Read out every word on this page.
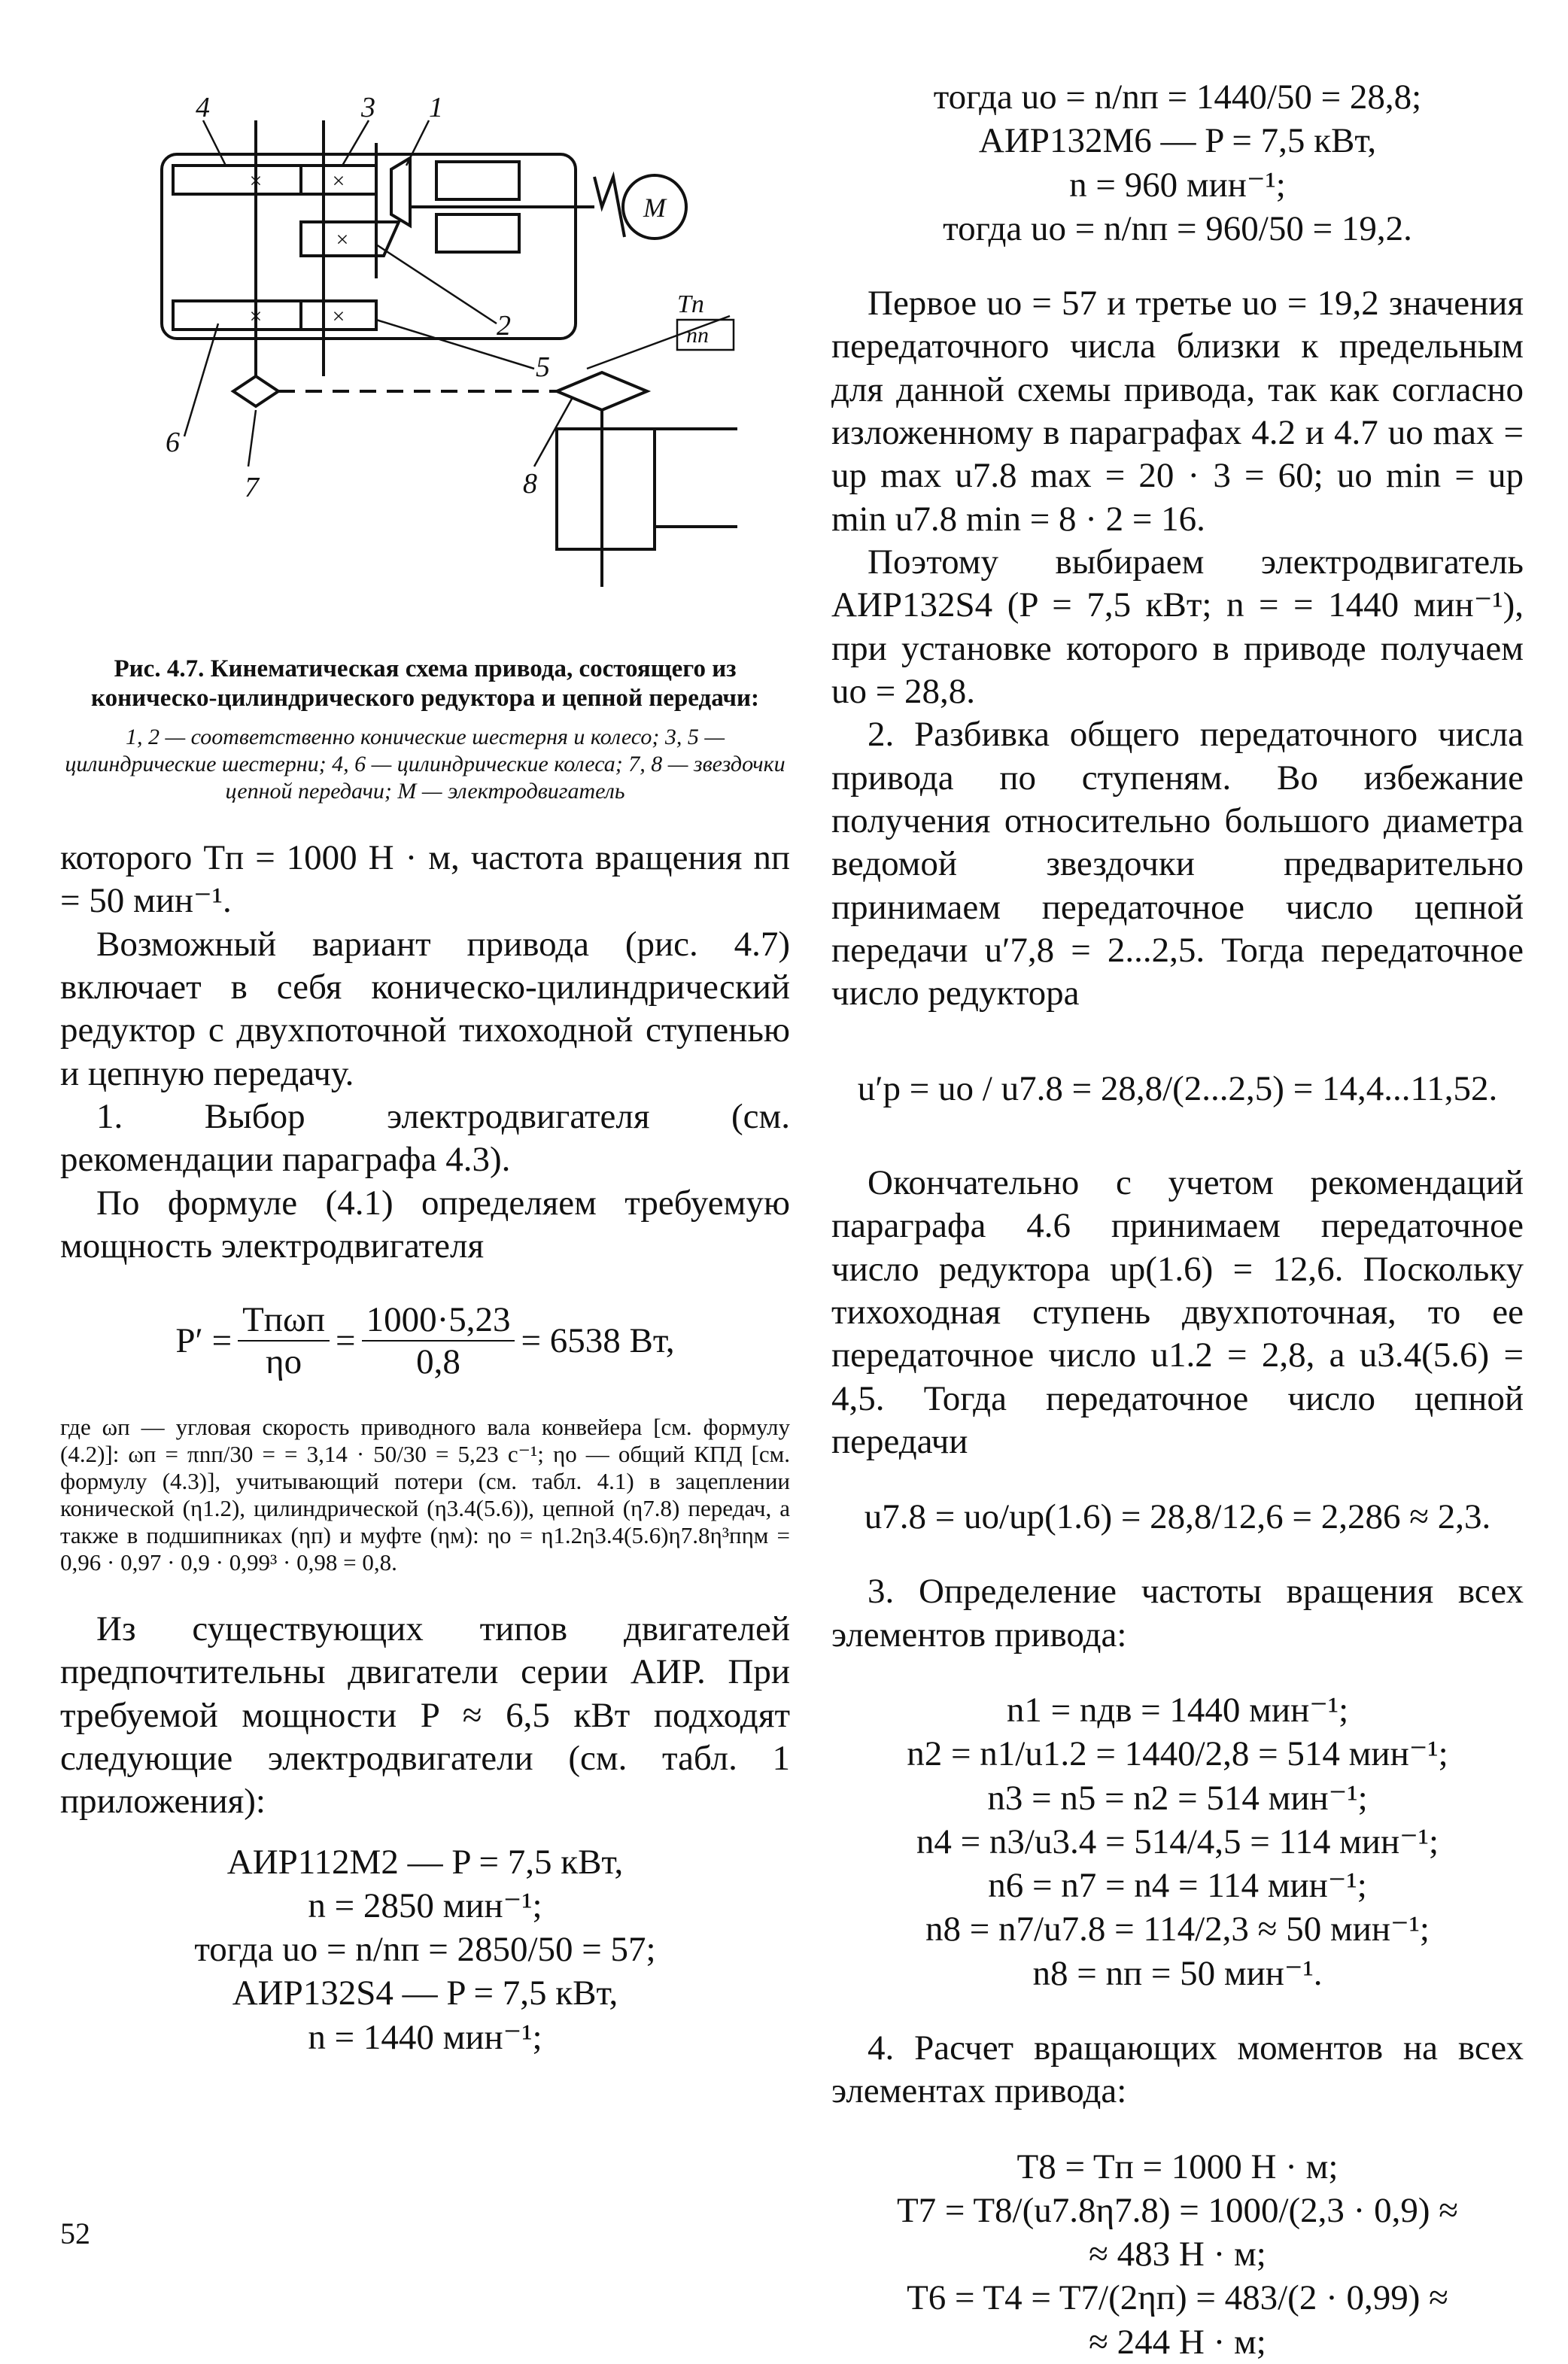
×	×
×
M
×	×
4	3 1
2
5
6
7	8
Tп
nп
Рис. 4.7. Кинематическая схема привода, состоящего из коническо-цилиндрического редуктора и цепной передачи:
1, 2 — соответственно конические шестерня и колесо; 3, 5 — цилиндрические шестерни; 4, 6 — цилиндрические колеса; 7, 8 — звездочки цепной передачи; М — электродвигатель

которого Tп = 1000 Н · м, частота вращения nп = 50 мин⁻¹.

Возможный вариант привода (рис. 4.7) включает в себя коническо-цилиндрический редуктор с двухпоточной тихоходной ступенью и цепную передачу.

1. Выбор электродвигателя (см. рекомендации параграфа 4.3).

По формуле (4.1) определяем требуемую мощность электродвигателя

$P' = \frac{\text{Tпωп}}{\eta о} = \frac{1000\cdot 5,23}{0,8} = 6538$ Вт,

где ωп — угловая скорость приводного вала конвейера [см. формулу (4.2)]: ωп = πnп/30 = = 3,14 · 50/30 = 5,23 с⁻¹; ηо — общий КПД [см. формулу (4.3)], учитывающий потери (см. табл. 4.1) в зацеплении конической (η1.2), цилиндрической (η3.4(5.6)), цепной (η7.8) передач, а также в подшипниках (ηп) и муфте (ηм): ηо = η1.2η3.4(5.6)η7.8η³пηм = 0,96 · 0,97 · 0,9 · 0,99³ · 0,98 = 0,8.

Из существующих типов двигателей предпочтительны двигатели серии АИР. При требуемой мощности P ≈ 6,5 кВт подходят следующие электродвигатели (см. табл. 1 приложения):

АИР112М2 — P = 7,5 кВт,
n = 2850 мин⁻¹;
тогда uо = n/nп = 2850/50 = 57;
АИР132S4 — P = 7,5 кВт,
n = 1440 мин⁻¹;
тогда uо = n/nп = 1440/50 = 28,8;
АИР132М6 — P = 7,5 кВт,
n = 960 мин⁻¹;
тогда uо = n/nп = 960/50 = 19,2.

Первое uо = 57 и третье uо = 19,2 значения передаточного числа близки к предельным для данной схемы привода, так как согласно изложенному в параграфах 4.2 и 4.7 uо max = uр max u7.8 max = 20 · 3 = 60; uо min = uр min u7.8 min = 8 · 2 = 16.

Поэтому выбираем электродвигатель АИР132S4 (P = 7,5 кВт; n = = 1440 мин⁻¹), при установке которого в приводе получаем uо = 28,8.

2. Разбивка общего передаточного числа привода по ступеням. Во избежание получения относительно большого диаметра ведомой звездочки предварительно принимаем передаточное число цепной передачи u′7,8 = 2...2,5. Тогда передаточное число редуктора

u′р = uо / u7.8 = 28,8/(2...2,5) = 14,4...11,52.

Окончательно с учетом рекомендаций параграфа 4.6 принимаем передаточное число редуктора uр(1.6) = 12,6. Поскольку тихоходная ступень двухпоточная, то ее передаточное число u1.2 = 2,8, а u3.4(5.6) = 4,5. Тогда передаточное число цепной передачи

u7.8 = uо/uр(1.6) = 28,8/12,6 = 2,286 ≈ 2,3.

3. Определение частоты вращения всех элементов привода:

n1 = nдв = 1440 мин⁻¹;
n2 = n1/u1.2 = 1440/2,8 = 514 мин⁻¹;
n3 = n5 = n2 = 514 мин⁻¹;
n4 = n3/u3.4 = 514/4,5 = 114 мин⁻¹;
n6 = n7 = n4 = 114 мин⁻¹;
n8 = n7/u7.8 = 114/2,3 ≈ 50 мин⁻¹;
n8 = nп = 50 мин⁻¹.

4. Расчет вращающих моментов на всех элементах привода:

T8 = Tп = 1000 Н · м;
T7 = T8/(u7.8η7.8) = 1000/(2,3 · 0,9) ≈
≈ 483 Н · м;
T6 = T4 = T7/(2ηп) = 483/(2 · 0,99) ≈
≈ 244 Н · м;
52
